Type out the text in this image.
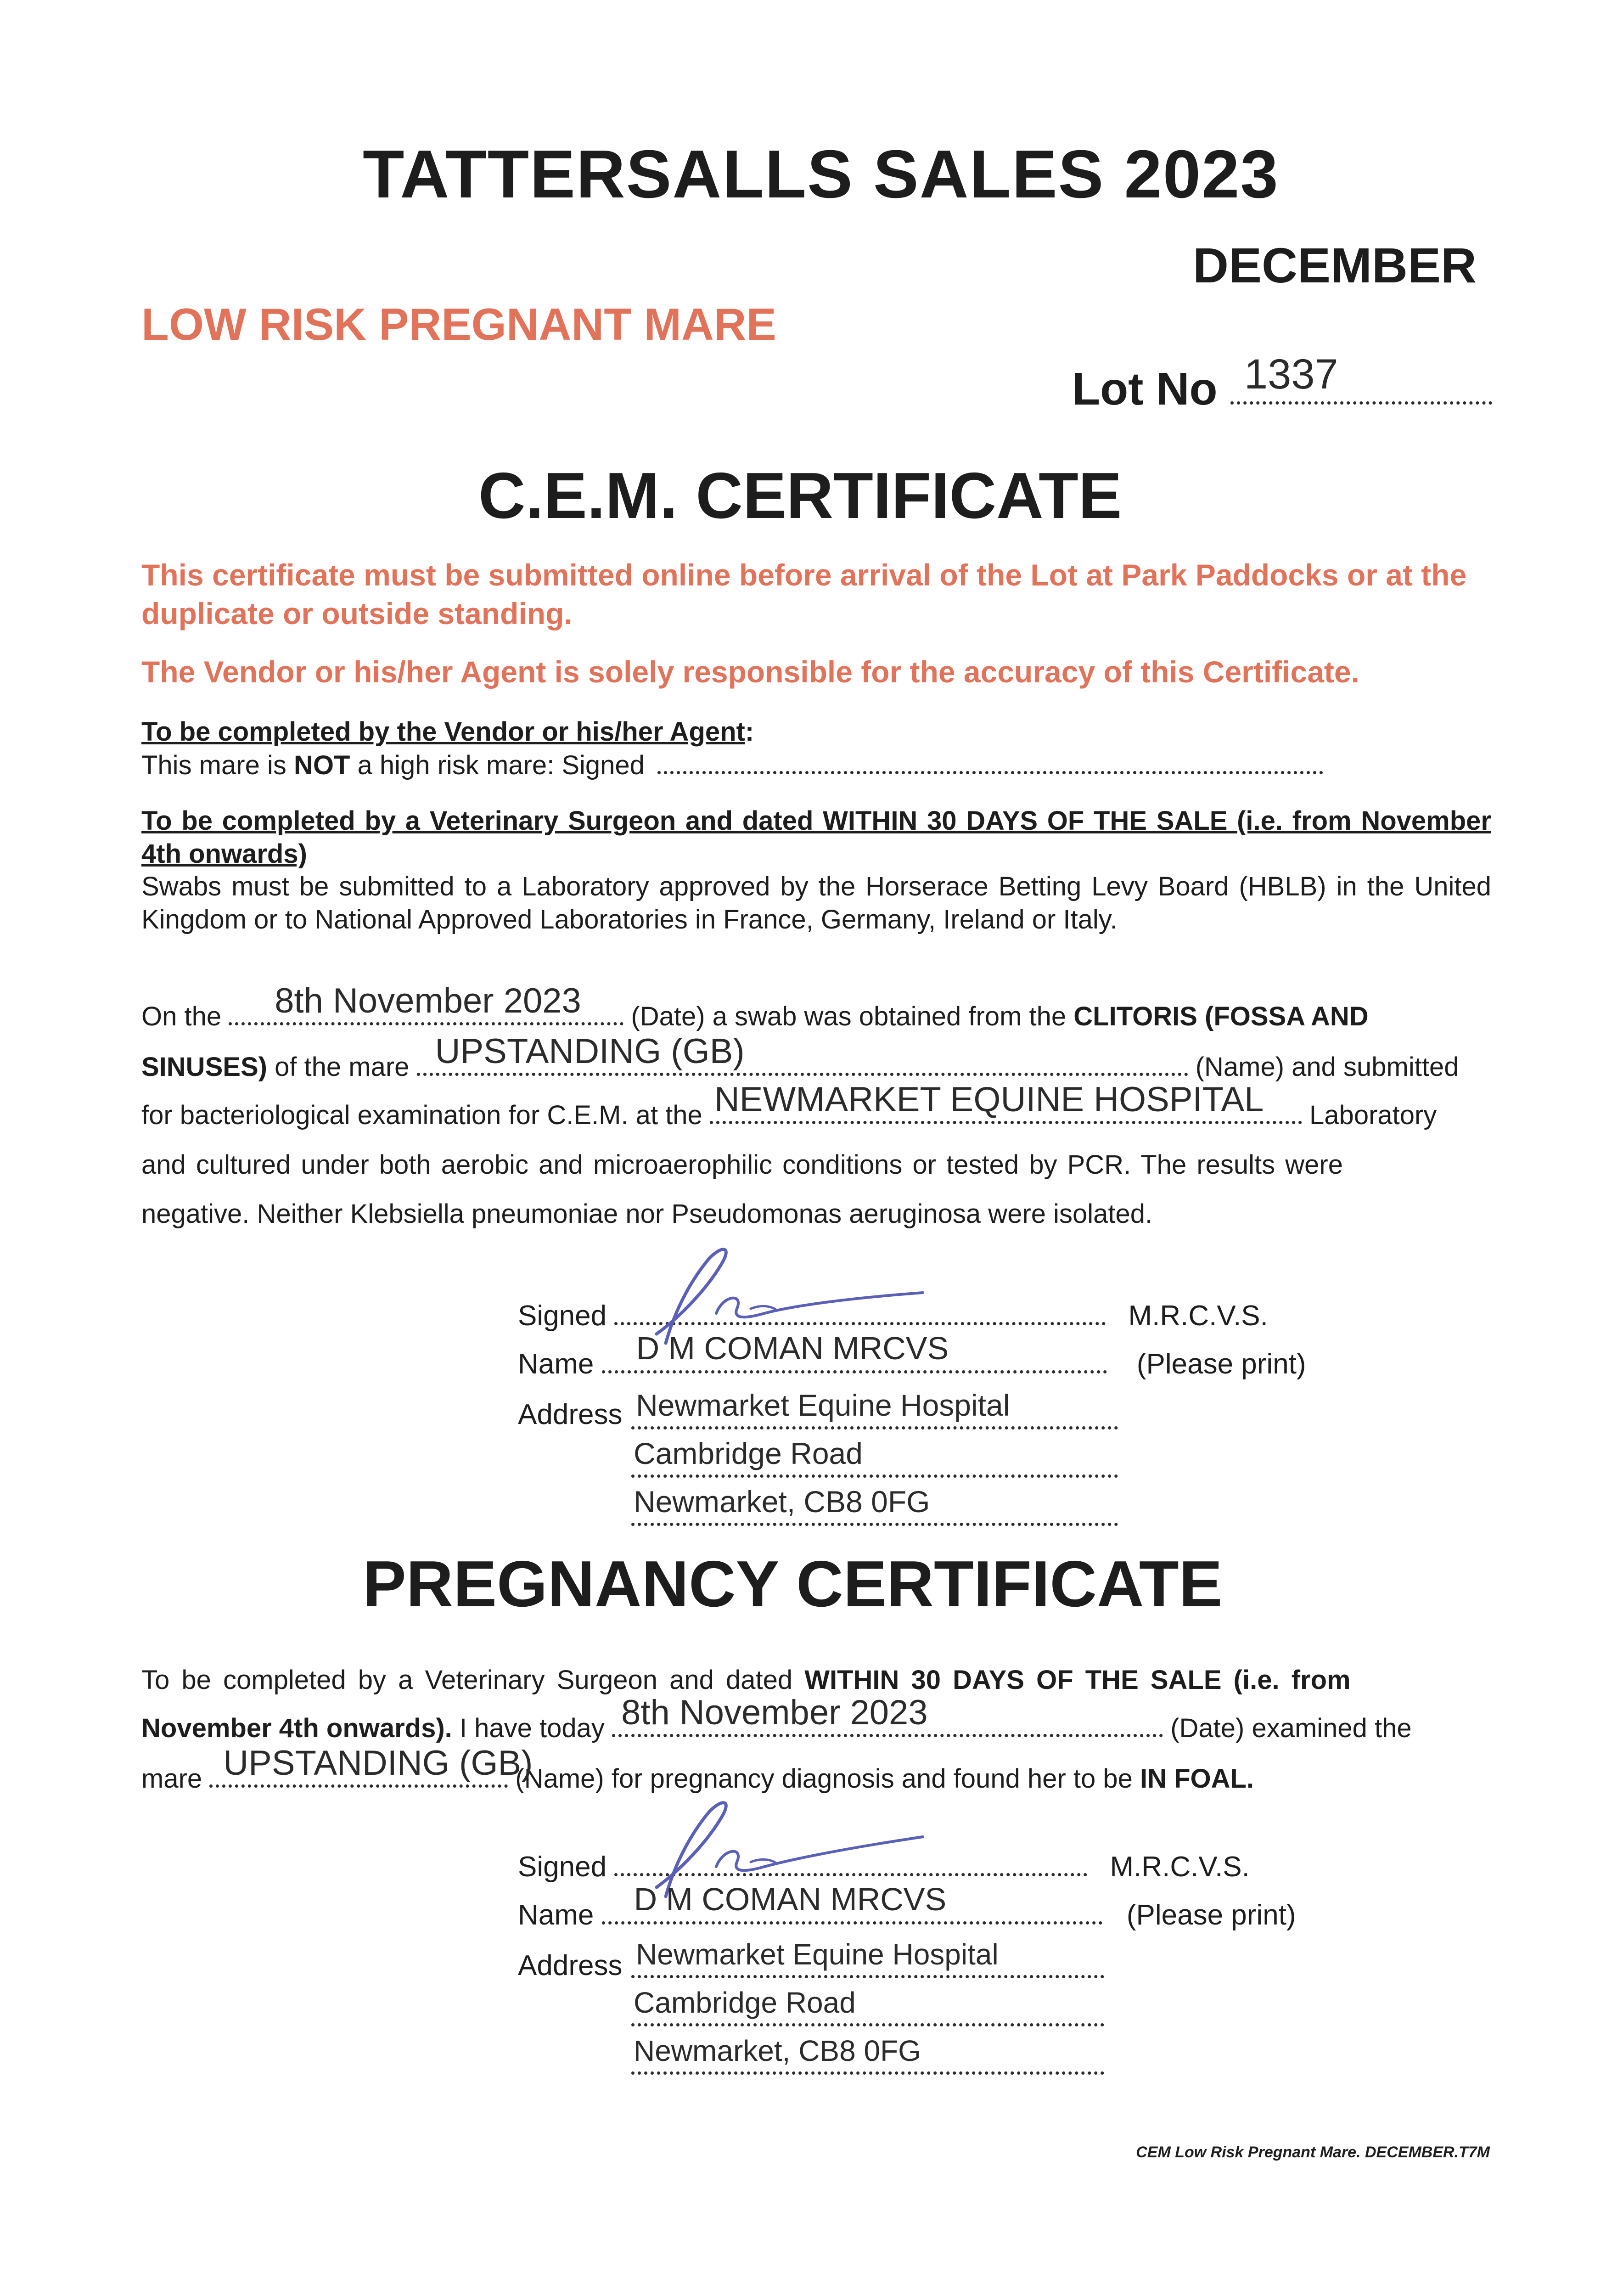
TATTERSALLS SALES 2023
DECEMBER
LOW RISK PREGNANT MARE
Lot No 1337
C.E.M. CERTIFICATE
This certificate must be submitted online before arrival of the Lot at Park Paddocks or at the duplicate or outside standing.
The Vendor or his/her Agent is solely responsible for the accuracy of this Certificate.
To be completed by the Vendor or his/her Agent:
This mare is NOT a high risk mare: Signed
To be completed by a Veterinary Surgeon and dated WITHIN 30 DAYS OF THE SALE (i.e. from November 4th onwards)
Swabs must be submitted to a Laboratory approved by the Horserace Betting Levy Board (HBLB) in the United Kingdom or to National Approved Laboratories in France, Germany, Ireland or Italy.
On the 8th November 2023 (Date) a swab was obtained from the CLITORIS (FOSSA AND
SINUSES) of the mare UPSTANDING (GB)	(Name) and submitted
for bacteriological examination for C.E.M. at the NEWMARKET EQUINE HOSPITAL Laboratory
and cultured under both aerobic and microaerophilic conditions or tested by PCR. The results were
negative. Neither Klebsiella pneumoniae nor Pseudomonas aeruginosa were isolated.
Signed	M.R.C.V.S.
Name D M COMAN MRCVS	(Please print)
Address Newmarket Equine Hospital
Cambridge Road
Newmarket, CB8 0FG
PREGNANCY CERTIFICATE
To be completed by a Veterinary Surgeon and dated WITHIN 30 DAYS OF THE SALE (i.e. from
November 4th onwards). I have today 8th November 2023	(Date) examined the
mare UPSTANDING (GB)
(Name) for pregnancy diagnosis and found her to be IN FOAL.
Signed	M.R.C.V.S.
Name D M COMAN MRCVS	(Please print)
Address Newmarket Equine Hospital
Cambridge Road
Newmarket, CB8 0FG
CEM Low Risk Pregnant Mare. DECEMBER.T7M
